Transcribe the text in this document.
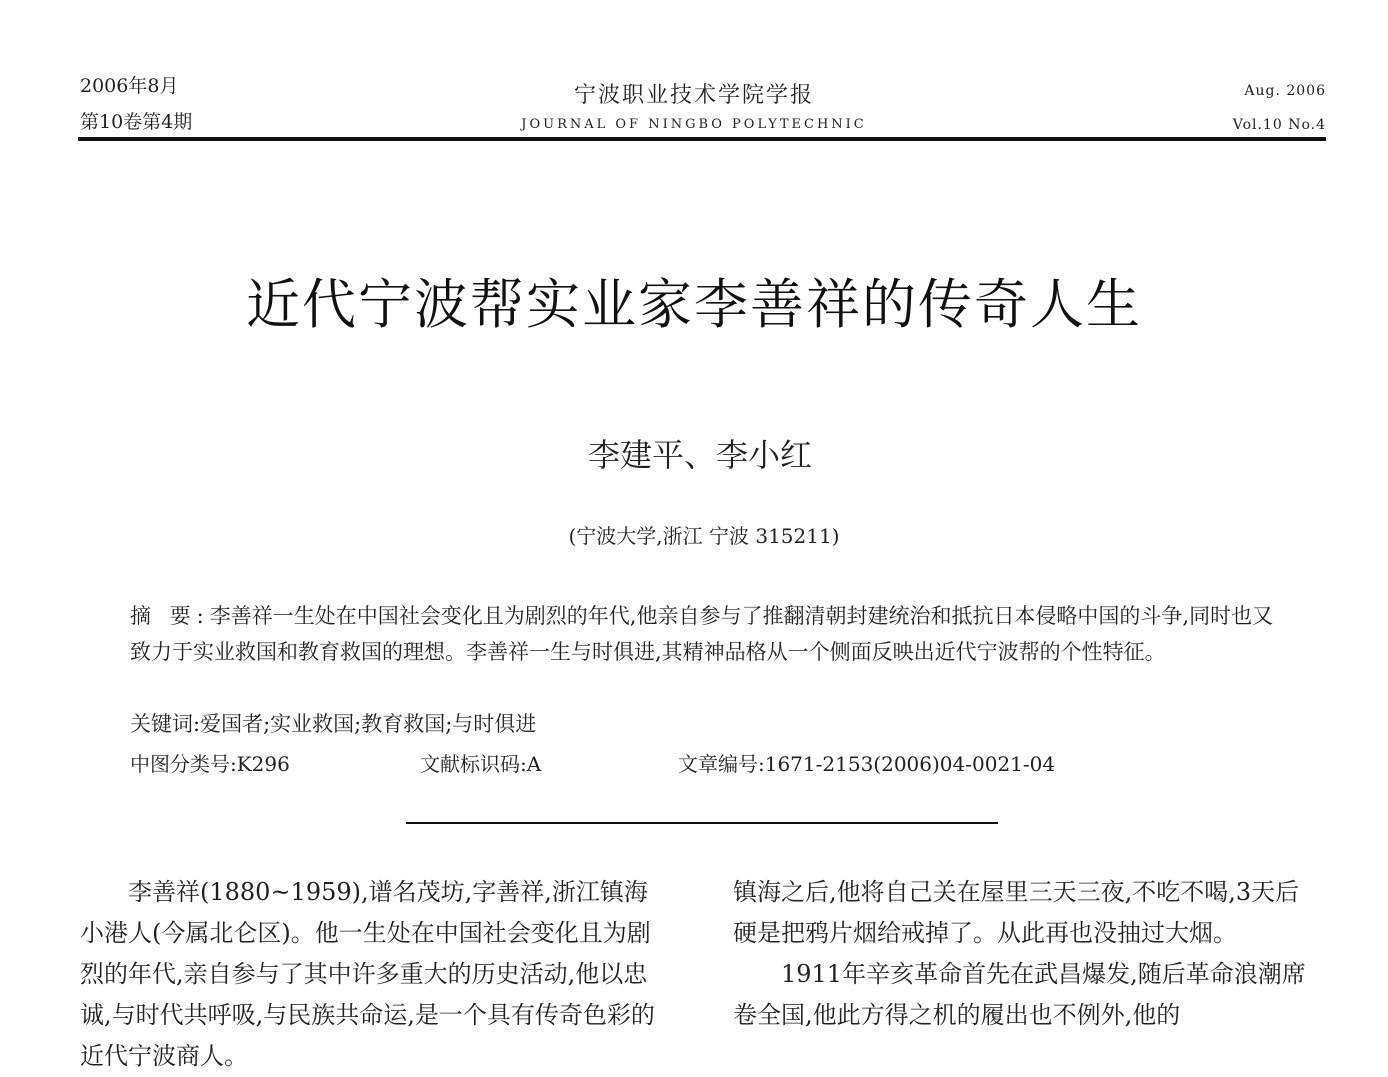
2006年8月
第10卷第4期
宁波职业技术学院学报
JOURNAL OF NINGBO POLYTECHNIC
Aug. 2006
Vol.10 No.4
近代宁波帮实业家李善祥的传奇人生
李建平、李小红
(宁波大学,浙江 宁波 315211)
摘 要:李善祥一生处在中国社会变化且为剧烈的年代,他亲自参与了推翻清朝封建统治和抵抗日本侵略中国的斗争,同时也又致力于实业救国和教育救国的理想。李善祥一生与时俱进,其精神品格从一个侧面反映出近代宁波帮的个性特征。
关键词:爱国者;实业救国;教育救国;与时俱进
中图分类号:K296	文献标识码:A	文章编号:1671-2153(2006)04-0021-04

李善祥(1880~1959),谱名茂坊,字善祥,浙江镇海小港人(今属北仑区)。他一生处在中国社会变化且为剧烈的年代,亲自参与了其中许多重大的历史活动,他以忠诚,与时代共呼吸,与民族共命运,是一个具有传奇色彩的近代宁波商人。

镇海之后,他将自己关在屋里三天三夜,不吃不喝,3天后硬是把鸦片烟给戒掉了。从此再也没抽过大烟。

1911年辛亥革命首先在武昌爆发,随后革命浪潮席卷全国,他此方得之机的履出也不例外,他的
